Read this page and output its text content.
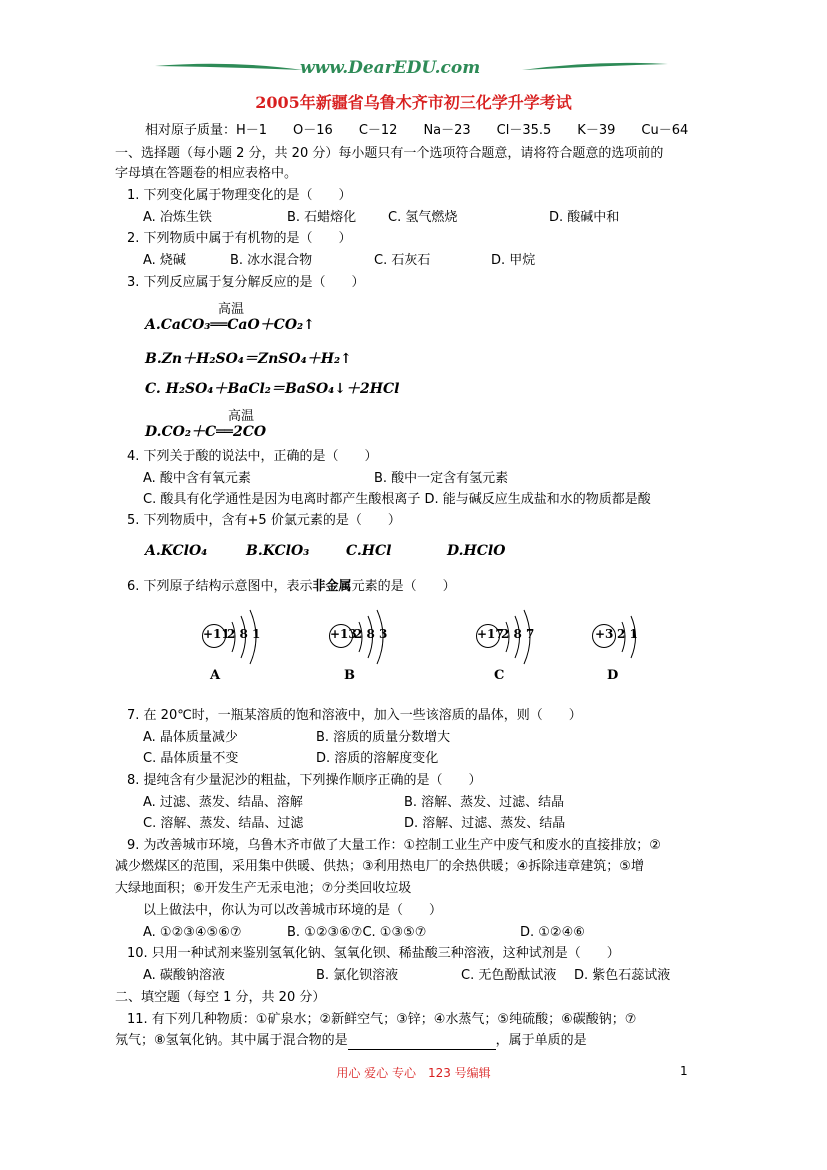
www.DearEDU.com
2005年新疆省乌鲁木齐市初三化学升学考试
相对原子质量：H－1　　O－16　　C－12　　Na－23　　Cl－35.5　　K－39　　Cu－64
一、选择题（每小题 2 分，共 20 分）每小题只有一个选项符合题意，请将符合题意的选项前的
字母填在答题卷的相应表格中。
1. 下列变化属于物理变化的是（　　）
A. 冶炼生铁	B. 石蜡熔化 C. 氢气燃烧	D. 酸碱中和
2. 下列物质中属于有机物的是（　　）
A. 烧碱	B. 冰水混合物	C. 石灰石	D. 甲烷
3. 下列反应属于复分解反应的是（　　）
高温
A.CaCO₃══CaO＋CO₂↑
B.Zn＋H₂SO₄＝ZnSO₄＋H₂↑
C. H₂SO₄＋BaCl₂＝BaSO₄↓＋2HCl
高温
D.CO₂＋C══2CO
4. 下列关于酸的说法中，正确的是（　　）
A. 酸中含有氧元素	B. 酸中一定含有氢元素
C. 酸具有化学通性是因为电离时都产生酸根离子 D. 能与碱反应生成盐和水的物质都是酸
5. 下列物质中，含有+5 价氯元素的是（　　）
A.KClO₄	B.KClO₃	C.HCl	D.HClO
6. 下列原子结构示意图中，表示非金属元素的是（　　）
+11
2 8 1
A
+13
2 8 3
B
+17
2 8 7
C
+3 2 1
D
7. 在 20℃时，一瓶某溶质的饱和溶液中，加入一些该溶质的晶体，则（　　）
A. 晶体质量减少	B. 溶质的质量分数增大
C. 晶体质量不变	D. 溶质的溶解度变化
8. 提纯含有少量泥沙的粗盐，下列操作顺序正确的是（　　）
A. 过滤、蒸发、结晶、溶解	B. 溶解、蒸发、过滤、结晶
C. 溶解、蒸发、结晶、过滤	D. 溶解、过滤、蒸发、结晶
9. 为改善城市环境，乌鲁木齐市做了大量工作：①控制工业生产中废气和废水的直接排放；②
减少燃煤区的范围，采用集中供暖、供热；③利用热电厂的余热供暖；④拆除违章建筑；⑤增
大绿地面积；⑥开发生产无汞电池；⑦分类回收垃圾
以上做法中，你认为可以改善城市环境的是（　　）
A. ①②③④⑤⑥⑦	B. ①②③⑥⑦C. ①③⑤⑦	D. ①②④⑥
10. 只用一种试剂来鉴别氢氧化钠、氢氧化钡、稀盐酸三种溶液，这种试剂是（　　）
A. 碳酸钠溶液	B. 氯化钡溶液	C. 无色酚酞试液 D. 紫色石蕊试液
二、填空题（每空 1 分，共 20 分）
11. 有下列几种物质：①矿泉水；②新鲜空气；③锌；④水蒸气；⑤纯硫酸；⑥碳酸钠；⑦
氖气；⑧氢氧化钠。其中属于混合物的是	，属于单质的是
用心 爱心 专心　123 号编辑	1
